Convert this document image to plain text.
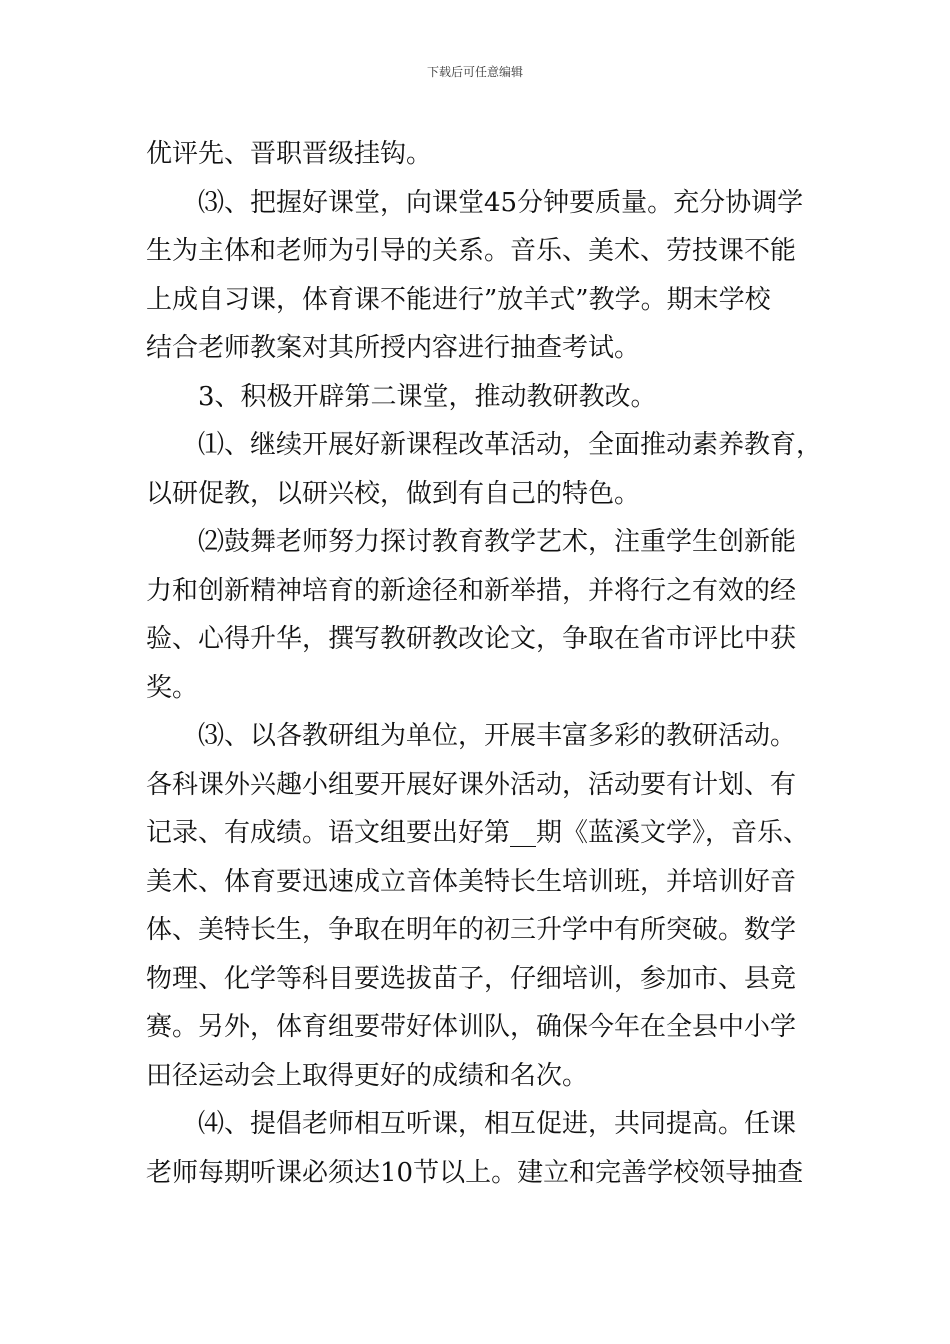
下载后可任意编辑
优评先、晋职晋级挂钩。
⑶、把握好课堂，向课堂45分钟要质量。充分协调学
生为主体和老师为引导的关系。音乐、美术、劳技课不能
上成自习课，体育课不能进行”放羊式”教学。期末学校
结合老师教案对其所授内容进行抽查考试。
3、积极开辟第二课堂，推动教研教改。
⑴、继续开展好新课程改革活动，全面推动素养教育，
以研促教，以研兴校，做到有自己的特色。
⑵鼓舞老师努力探讨教育教学艺术，注重学生创新能
力和创新精神培育的新途径和新举措，并将行之有效的经
验、心得升华，撰写教研教改论文，争取在省市评比中获
奖。
⑶、以各教研组为单位，开展丰富多彩的教研活动。
各科课外兴趣小组要开展好课外活动，活动要有计划、有
记录、有成绩。语文组要出好第__期《蓝溪文学》，音乐、
美术、体育要迅速成立音体美特长生培训班，并培训好音
体、美特长生，争取在明年的初三升学中有所突破。数学
物理、化学等科目要选拔苗子，仔细培训，参加市、县竞
赛。另外，体育组要带好体训队，确保今年在全县中小学
田径运动会上取得更好的成绩和名次。
⑷、提倡老师相互听课，相互促进，共同提高。任课
老师每期听课必须达10节以上。建立和完善学校领导抽查
